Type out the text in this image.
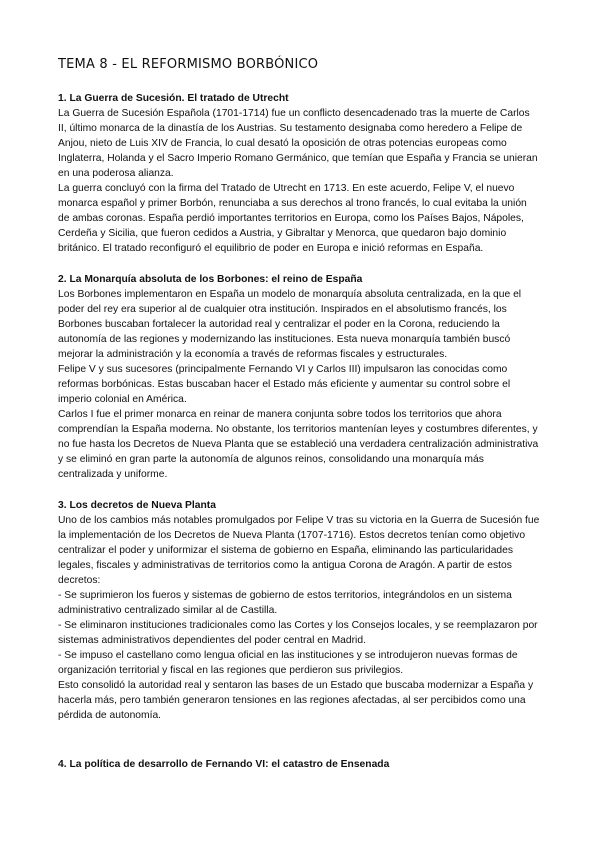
TEMA 8 - EL REFORMISMO BORBÓNICO
1. La Guerra de Sucesión. El tratado de Utrecht

La Guerra de Sucesión Española (1701-1714) fue un conflicto desencadenado tras la muerte de Carlos II, último monarca de la dinastía de los Austrias. Su testamento designaba como heredero a Felipe de Anjou, nieto de Luis XIV de Francia, lo cual desató la oposición de otras potencias europeas como Inglaterra, Holanda y el Sacro Imperio Romano Germánico, que temían que España y Francia se unieran en una poderosa alianza.

La guerra concluyó con la firma del Tratado de Utrecht en 1713. En este acuerdo, Felipe V, el nuevo monarca español y primer Borbón, renunciaba a sus derechos al trono francés, lo cual evitaba la unión de ambas coronas. España perdió importantes territorios en Europa, como los Países Bajos, Nápoles, Cerdeña y Sicilia, que fueron cedidos a Austria, y Gibraltar y Menorca, que quedaron bajo dominio británico. El tratado reconfiguró el equilibrio de poder en Europa e inició reformas en España.

2. La Monarquía absoluta de los Borbones: el reino de España

Los Borbones implementaron en España un modelo de monarquía absoluta centralizada, en la que el poder del rey era superior al de cualquier otra institución. Inspirados en el absolutismo francés, los Borbones buscaban fortalecer la autoridad real y centralizar el poder en la Corona, reduciendo la autonomía de las regiones y modernizando las instituciones. Esta nueva monarquía también buscó mejorar la administración y la economía a través de reformas fiscales y estructurales.

Felipe V y sus sucesores (principalmente Fernando VI y Carlos III) impulsaron las conocidas como reformas borbónicas. Estas buscaban hacer el Estado más eficiente y aumentar su control sobre el imperio colonial en América.

Carlos I fue el primer monarca en reinar de manera conjunta sobre todos los territorios que ahora comprendían la España moderna. No obstante, los territorios mantenían leyes y costumbres diferentes, y no fue hasta los Decretos de Nueva Planta que se estableció una verdadera centralización administrativa y se eliminó en gran parte la autonomía de algunos reinos, consolidando una monarquía más centralizada y uniforme.

3. Los decretos de Nueva Planta

Uno de los cambios más notables promulgados por Felipe V tras su victoria en la Guerra de Sucesión fue la implementación de los Decretos de Nueva Planta (1707-1716). Estos decretos tenían como objetivo centralizar el poder y uniformizar el sistema de gobierno en España, eliminando las particularidades legales, fiscales y administrativas de territorios como la antigua Corona de Aragón. A partir de estos decretos:

- Se suprimieron los fueros y sistemas de gobierno de estos territorios, integrándolos en un sistema administrativo centralizado similar al de Castilla.

- Se eliminaron instituciones tradicionales como las Cortes y los Consejos locales, y se reemplazaron por sistemas administrativos dependientes del poder central en Madrid.

- Se impuso el castellano como lengua oficial en las instituciones y se introdujeron nuevas formas de organización territorial y fiscal en las regiones que perdieron sus privilegios.

Esto consolidó la autoridad real y sentaron las bases de un Estado que buscaba modernizar a España y hacerla más, pero también generaron tensiones en las regiones afectadas, al ser percibidos como una pérdida de autonomía.

4. La política de desarrollo de Fernando VI: el catastro de Ensenada
